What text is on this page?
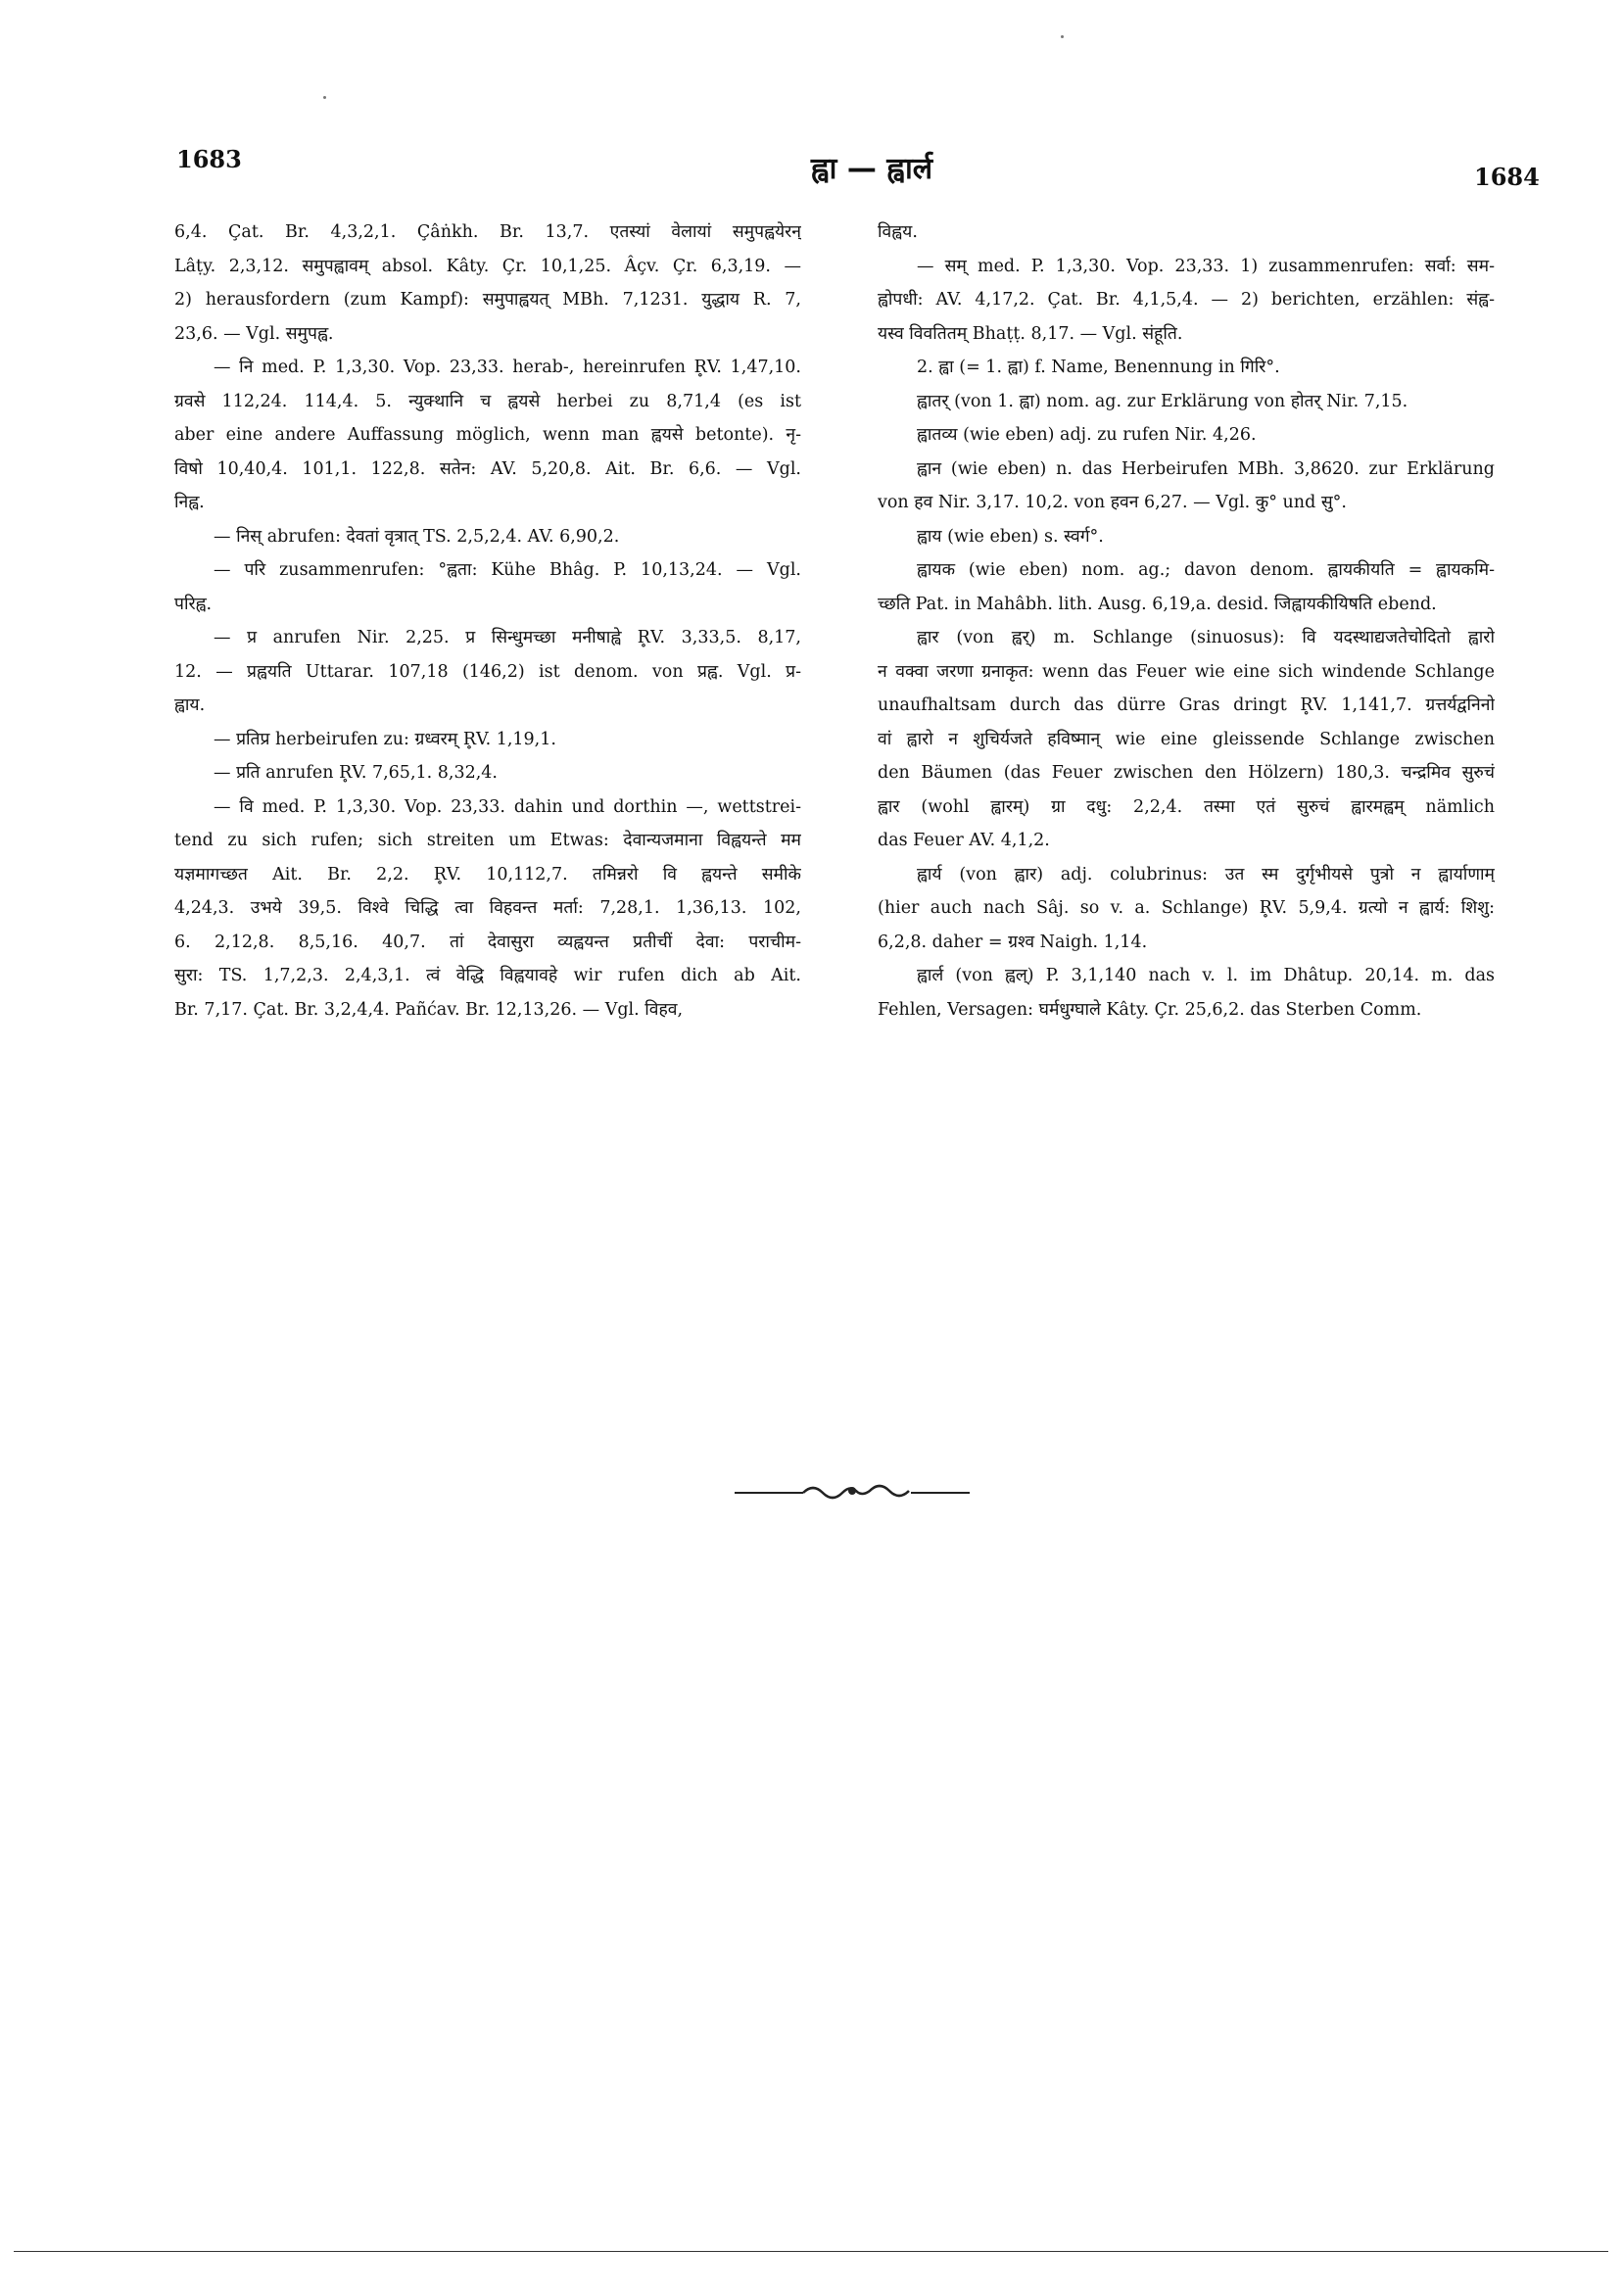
1683	ह्वा — ह्वार्ल	1684
6,4. Çat. Br. 4,3,2,1. Çâṅkh. Br. 13,7. एतस्यां वेलायां समुपह्वयेरन्
Lâṭy. 2,3,12. समुपह्वावम् absol. Kâty. Çr. 10,1,25. Âçv. Çr. 6,3,19. —
2) herausfordern (zum Kampf): समुपाह्वयत् MBh. 7,1231. युद्धाय R. 7,
23,6. — Vgl. समुपह्व.
— नि med. P. 1,3,30. Vop. 23,33. herab-, hereinrufen R̥V. 1,47,10.
ग्रवसे 112,24. 114,4. 5. न्युक्थानि च ह्वयसे herbei zu 8,71,4 (es ist
aber eine andere Auffassung möglich, wenn man ह्वयसे betonte). नृ-
विषो 10,40,4. 101,1. 122,8. सतेन: AV. 5,20,8. Ait. Br. 6,6. — Vgl.
निह्व.
— निस् abrufen: देवतां वृत्रात् TS. 2,5,2,4. AV. 6,90,2.
— परि zusammenrufen: °ह्वता: Kühe Bhâg. P. 10,13,24. — Vgl.
परिह्व.
— प्र anrufen Nir. 2,25. प्र सिन्धुमच्छा मनीषाह्वे R̥V. 3,33,5. 8,17,
12. — प्रह्वयति Uttarar. 107,18 (146,2) ist denom. von प्रह्व. Vgl. प्र-
ह्वाय.
— प्रतिप्र herbeirufen zu: ग्रध्वरम् R̥V. 1,19,1.
— प्रति anrufen R̥V. 7,65,1. 8,32,4.
— वि med. P. 1,3,30. Vop. 23,33. dahin und dorthin —, wettstrei-
tend zu sich rufen; sich streiten um Etwas: देवान्यजमाना विह्वयन्ते मम
यज्ञमागच्छत Ait. Br. 2,2. R̥V. 10,112,7. तमिन्नरो वि ह्वयन्ते समीके
4,24,3. उभये 39,5. विश्वे चिद्धि त्वा विहवन्त मर्ता: 7,28,1. 1,36,13. 102,
6. 2,12,8. 8,5,16. 40,7. तां देवासुरा व्यह्वयन्त प्रतीचीं देवा: पराचीम-
सुरा: TS. 1,7,2,3. 2,4,3,1. त्वं वेद्धि विह्वयावहे wir rufen dich ab Ait.
Br. 7,17. Çat. Br. 3,2,4,4. Pañćav. Br. 12,13,26. — Vgl. विहव,
विह्वय.
— सम् med. P. 1,3,30. Vop. 23,33. 1) zusammenrufen: सर्वा: सम-
ह्वोपधी: AV. 4,17,2. Çat. Br. 4,1,5,4. — 2) berichten, erzählen: संह्व-
यस्व विवतितम् Bhaṭṭ. 8,17. — Vgl. संहूति.
2. ह्वा (= 1. ह्वा) f. Name, Benennung in गिरि°.
ह्वातर् (von 1. ह्वा) nom. ag. zur Erklärung von होतर् Nir. 7,15.
ह्वातव्य (wie eben) adj. zu rufen Nir. 4,26.
ह्वान (wie eben) n. das Herbeirufen MBh. 3,8620. zur Erklärung
von हव Nir. 3,17. 10,2. von हवन 6,27. — Vgl. कु° und सु°.
ह्वाय (wie eben) s. स्वर्ग°.
ह्वायक (wie eben) nom. ag.; davon denom. ह्वायकीयति = ह्वायकमि-
च्छति Pat. in Mahâbh. lith. Ausg. 6,19,a. desid. जिह्वायकीयिषति ebend.
ह्वार (von ह्वर्) m. Schlange (sinuosus): वि यदस्थाद्यजतेचोदितो ह्वारो
न वक्वा जरणा ग्रनाकृत: wenn das Feuer wie eine sich windende Schlange
unaufhaltsam durch das dürre Gras dringt R̥V. 1,141,7. ग्रत्तर्यद्वनिनो
वां ह्वारो न शुचिर्यजते हविष्मान् wie eine gleissende Schlange zwischen
den Bäumen (das Feuer zwischen den Hölzern) 180,3. चन्द्रमिव सुरुचं
ह्वार (wohl ह्वारम्) ग्रा दधु: 2,2,4. तस्मा एतं सुरुचं ह्वारमह्वम् nämlich
das Feuer AV. 4,1,2.
ह्वार्य (von ह्वार) adj. colubrinus: उत स्म दुर्गृभीयसे पुत्रो न ह्वार्याणाम्
(hier auch nach Sâj. so v. a. Schlange) R̥V. 5,9,4. ग्रत्यो न ह्वार्य: शिशु:
6,2,8. daher = ग्रश्व Naigh. 1,14.
ह्वार्ल (von ह्वल्) P. 3,1,140 nach v. l. im Dhâtup. 20,14. m. das
Fehlen, Versagen: घर्मधुग्घाले Kâty. Çr. 25,6,2. das Sterben Comm.
